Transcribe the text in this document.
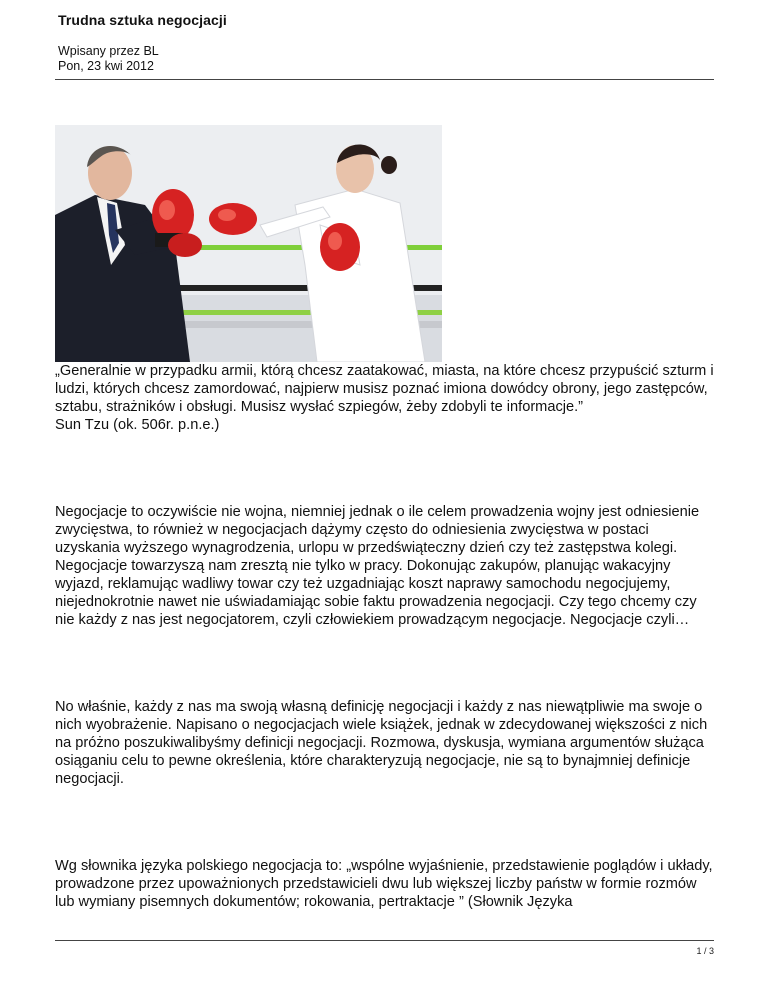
Trudna sztuka negocjacji
Wpisany przez BL
Pon, 23 kwi 2012

„Generalnie w przypadku armii, którą chcesz zaatakować, miasta, na które chcesz przypuścić szturm i ludzi, których chcesz zamordować, najpierw musisz poznać imiona dowódcy obrony, jego zastępców, sztabu, strażników i obsługi. Musisz wysłać szpiegów, żeby zdobyli te informacje.”

Sun Tzu (ok. 506r. p.n.e.)

Negocjacje to oczywiście nie wojna, niemniej jednak o ile celem prowadzenia wojny jest odniesienie zwycięstwa, to również w negocjacjach dążymy często do odniesienia zwycięstwa w postaci uzyskania wyższego wynagrodzenia, urlopu w przedświąteczny dzień czy też zastępstwa kolegi. Negocjacje towarzyszą nam zresztą nie tylko w pracy. Dokonując zakupów, planując wakacyjny wyjazd, reklamując wadliwy towar czy też uzgadniając koszt naprawy samochodu negocjujemy, niejednokrotnie nawet nie uświadamiając sobie faktu prowadzenia negocjacji. Czy tego chcemy czy nie każdy z nas jest negocjatorem, czyli człowiekiem prowadzącym negocjacje. Negocjacje czyli…

No właśnie, każdy z nas ma swoją własną definicję negocjacji i każdy z nas niewątpliwie ma swoje o nich wyobrażenie. Napisano o negocjacjach wiele książek, jednak w zdecydowanej większości z nich na próżno poszukiwalibyśmy definicji negocjacji. Rozmowa, dyskusja, wymiana argumentów służąca osiąganiu celu to pewne określenia, które charakteryzują negocjacje, nie są to bynajmniej definicje negocjacji.

Wg słownika języka polskiego negocjacja to: „wspólne wyjaśnienie, przedstawienie poglądów i układy, prowadzone przez upoważnionych przedstawicieli dwu lub większej liczby państw w formie rozmów lub wymiany pisemnych dokumentów; rokowania, pertraktacje ” (Słownik Języka

1 / 3
